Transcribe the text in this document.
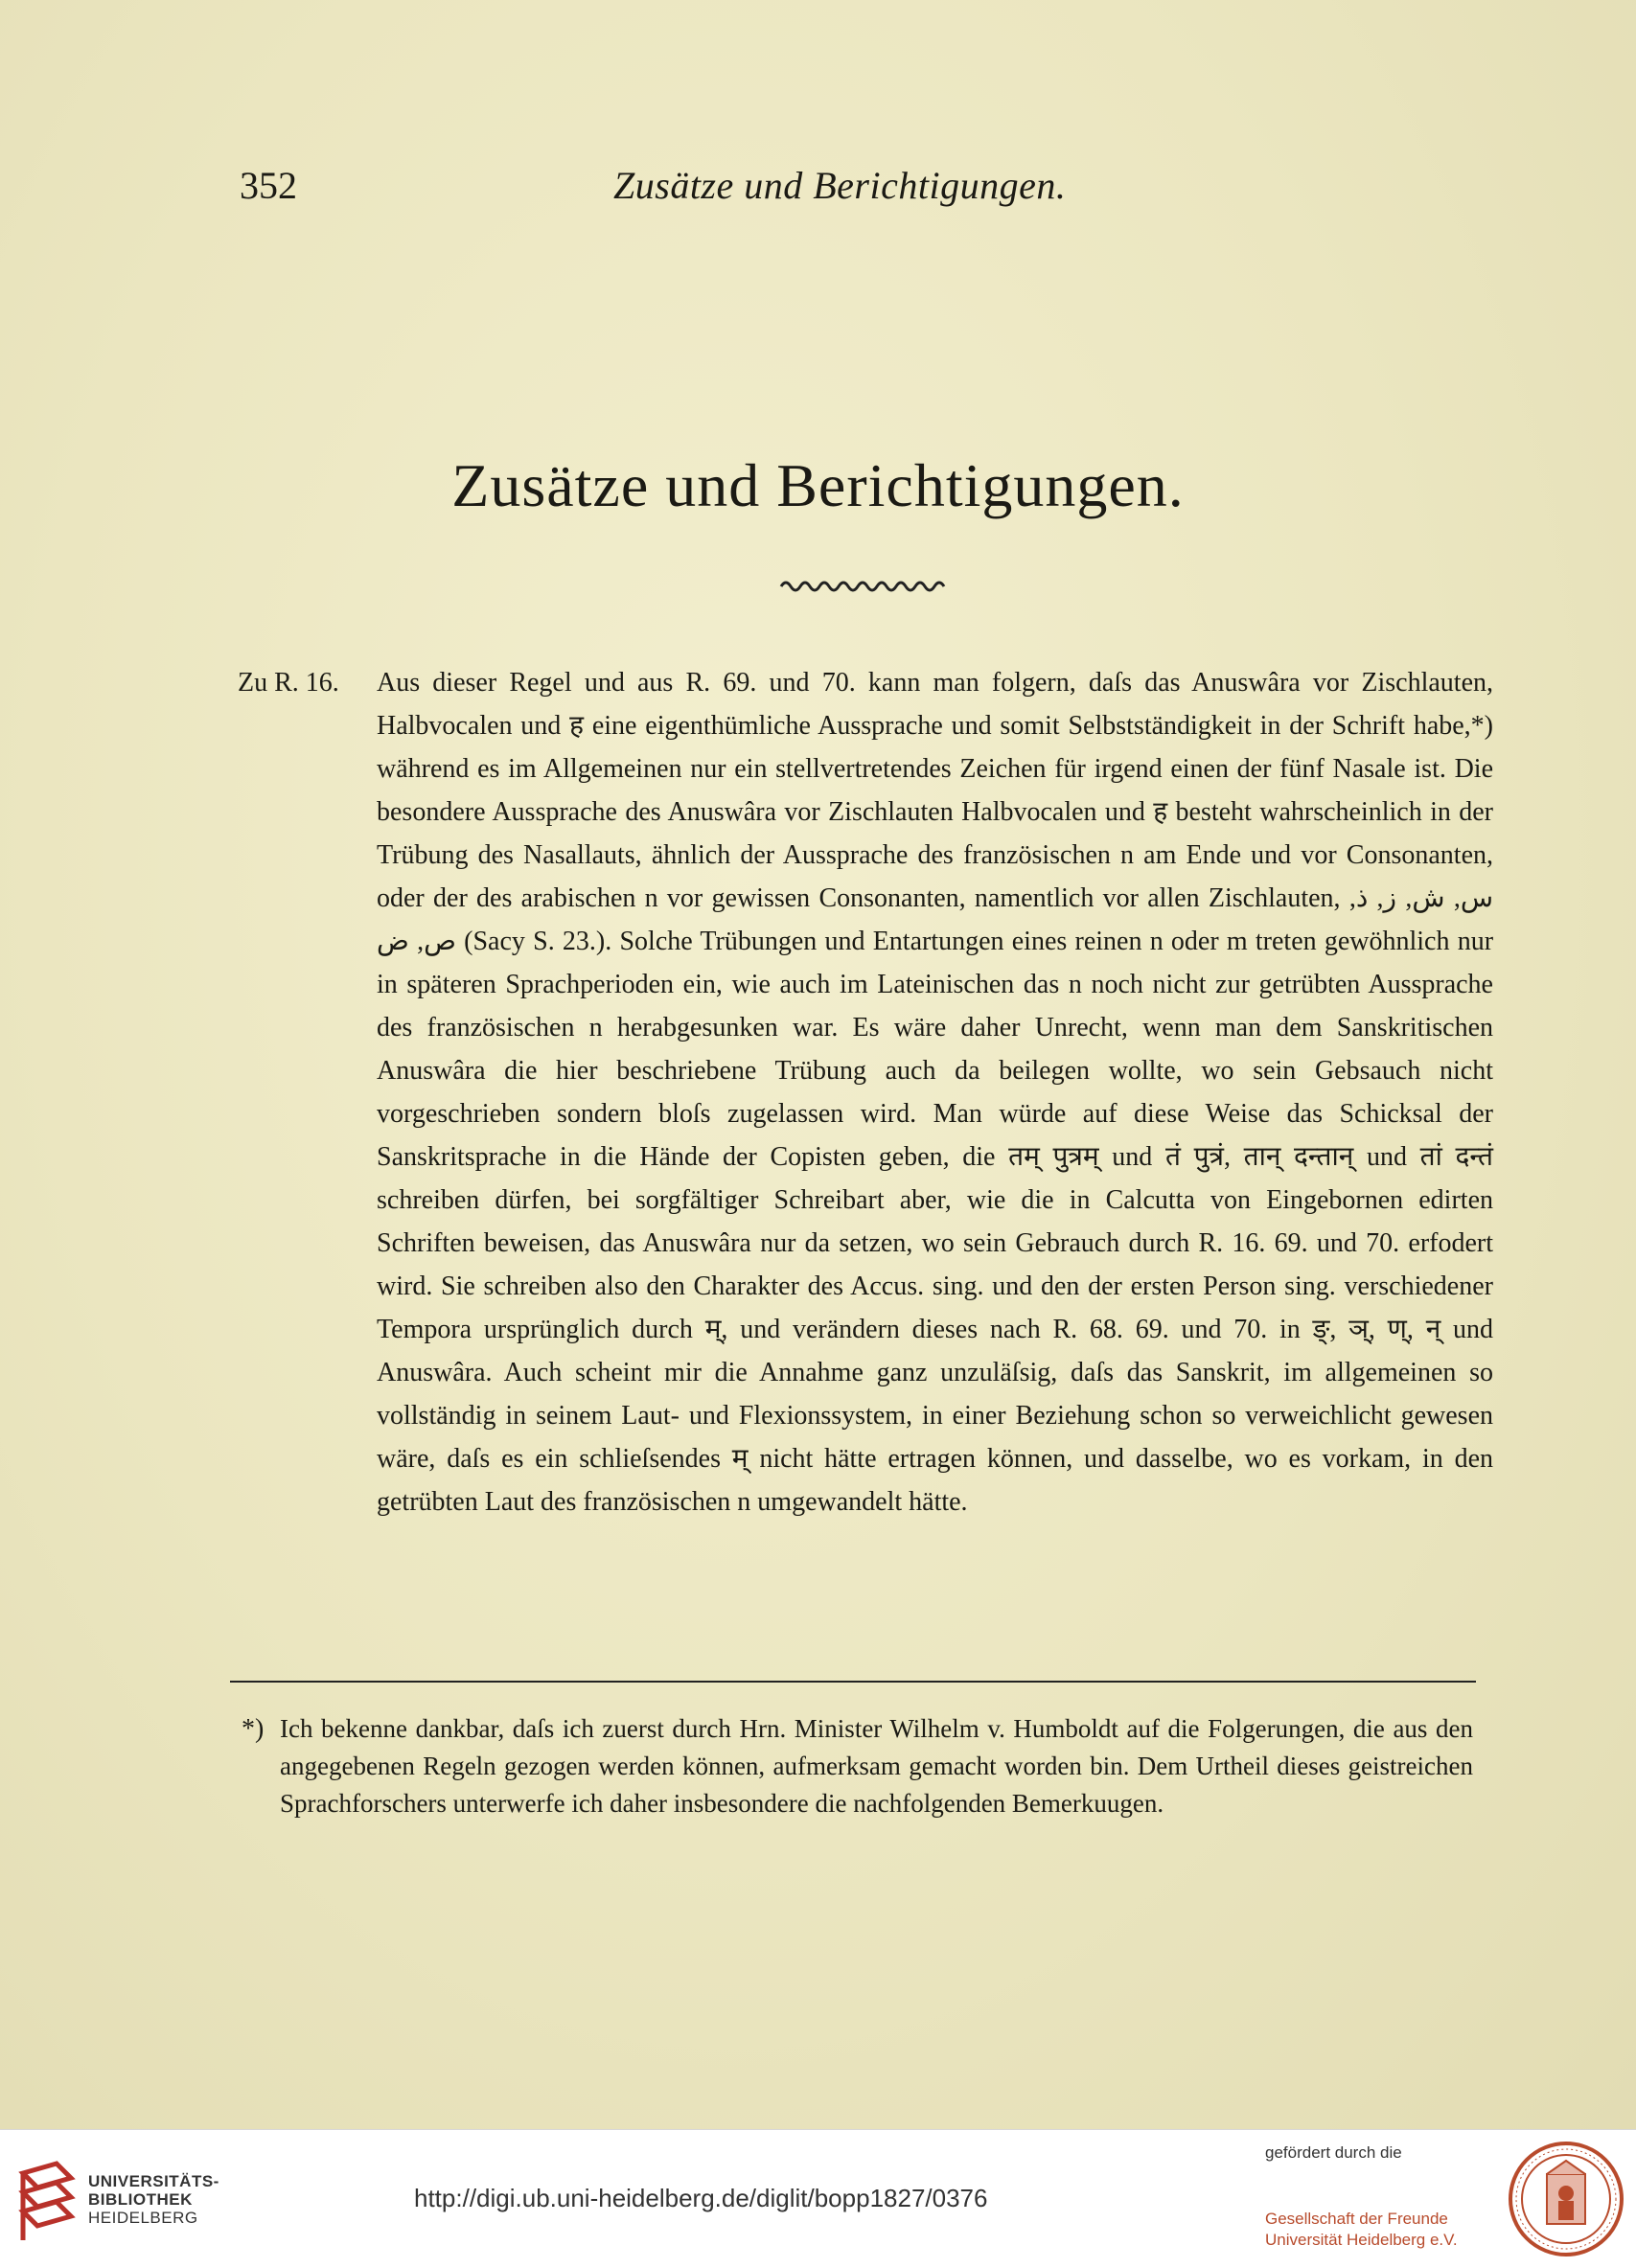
352	Zusätze und Berichtigungen.
Zusätze und Berichtigungen.
Zu R. 16. Aus dieser Regel und aus R. 69. und 70. kann man folgern, daſs das Anuswâra vor Zischlauten, Halbvocalen und ह eine eigenthümliche Aussprache und somit Selbstständigkeit in der Schrift habe,*) während es im Allgemeinen nur ein stellvertretendes Zeichen für irgend einen der fünf Nasale ist. Die besondere Aussprache des Anuswâra vor Zischlauten Halbvocalen und ह besteht wahrscheinlich in der Trübung des Nasallauts, ähnlich der Aussprache des französischen n am Ende und vor Consonanten, oder der des arabischen n vor gewissen Consonanten, namentlich vor allen Zischlauten, س, ش, ز, ذ, ص, ض (Sacy S. 23.). Solche Trübungen und Entartungen eines reinen n oder m treten gewöhnlich nur in späteren Sprachperioden ein, wie auch im Lateinischen das n noch nicht zur getrübten Aussprache des französischen n herabgesunken war. Es wäre daher Unrecht, wenn man dem Sanskritischen Anuswâra die hier beschriebene Trübung auch da beilegen wollte, wo sein Gebsauch nicht vorgeschrieben sondern bloſs zugelassen wird. Man würde auf diese Weise das Schicksal der Sanskritsprache in die Hände der Copisten geben, die तम् पुत्रम् und तं पुत्रं, तान् दन्तान् und तां दन्तं schreiben dürfen, bei sorgfältiger Schreibart aber, wie die in Calcutta von Eingebornen edirten Schriften beweisen, das Anuswâra nur da setzen, wo sein Gebrauch durch R. 16. 69. und 70. erfodert wird. Sie schreiben also den Charakter des Accus. sing. und den der ersten Person sing. verschiedener Tempora ursprünglich durch म्, und verändern dieses nach R. 68. 69. und 70. in ङ्, ञ्, ण्, न् und Anuswâra. Auch scheint mir die Annahme ganz unzuläſsig, daſs das Sanskrit, im allgemeinen so vollständig in seinem Laut- und Flexionssystem, in einer Beziehung schon so verweichlicht gewesen wäre, daſs es ein schlieſsendes म् nicht hätte ertragen können, und dasselbe, wo es vorkam, in den getrübten Laut des französischen n umgewandelt hätte.

*) Ich bekenne dankbar, daſs ich zuerst durch Hrn. Minister Wilhelm v. Humboldt auf die Folgerungen, die aus den angegebenen Regeln gezogen werden können, aufmerksam gemacht worden bin. Dem Urtheil dieses geistreichen Sprachforschers unterwerfe ich daher insbesondere die nachfolgenden Bemerkuugen.
UNIVERSITÄTS-
BIBLIOTHEK
HEIDELBERG
http://digi.ub.uni-heidelberg.de/diglit/bopp1827/0376
gefördert durch die
Gesellschaft der Freunde
Universität Heidelberg e.V.
